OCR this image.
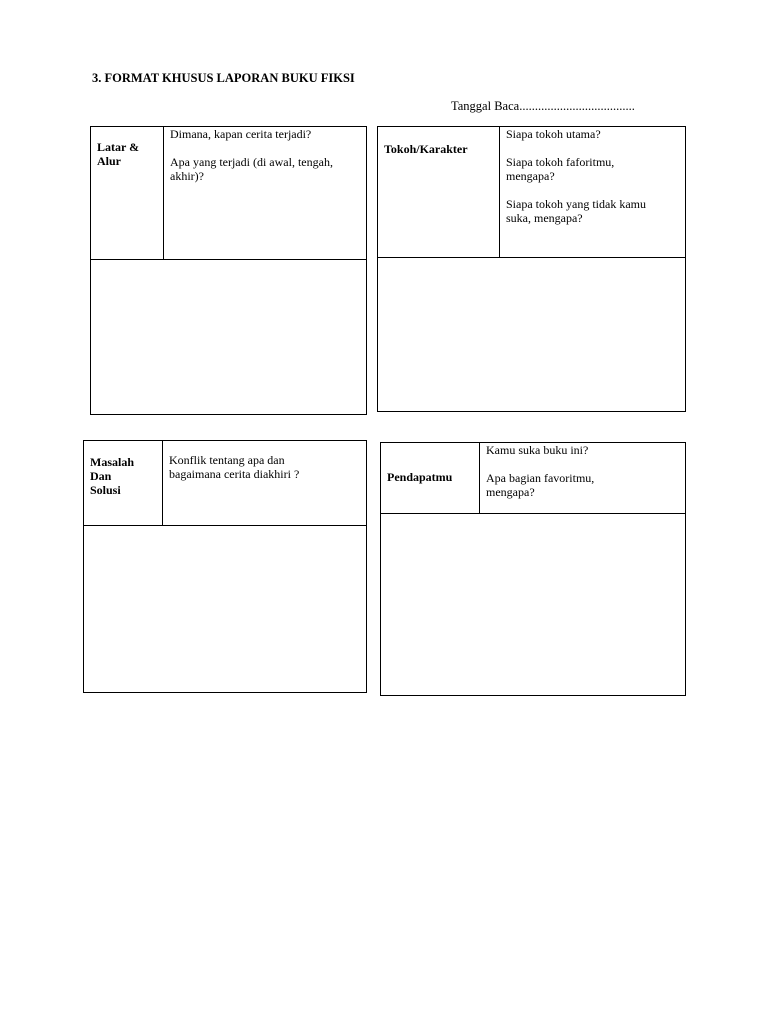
3. FORMAT KHUSUS LAPORAN BUKU FIKSI
Tanggal Baca.....................................
Latar &
Alur

Dimana, kapan cerita terjadi?

Apa yang terjadi (di awal, tengah, akhir)?

Tokoh/Karakter

Siapa tokoh utama?

Siapa tokoh faforitmu, mengapa?

Siapa tokoh yang tidak kamu suka, mengapa?

Masalah
Dan
Solusi

Konflik tentang apa dan bagaimana cerita diakhiri ?	Pendapatmu

Kamu suka buku ini?

Apa bagian favoritmu, mengapa?
